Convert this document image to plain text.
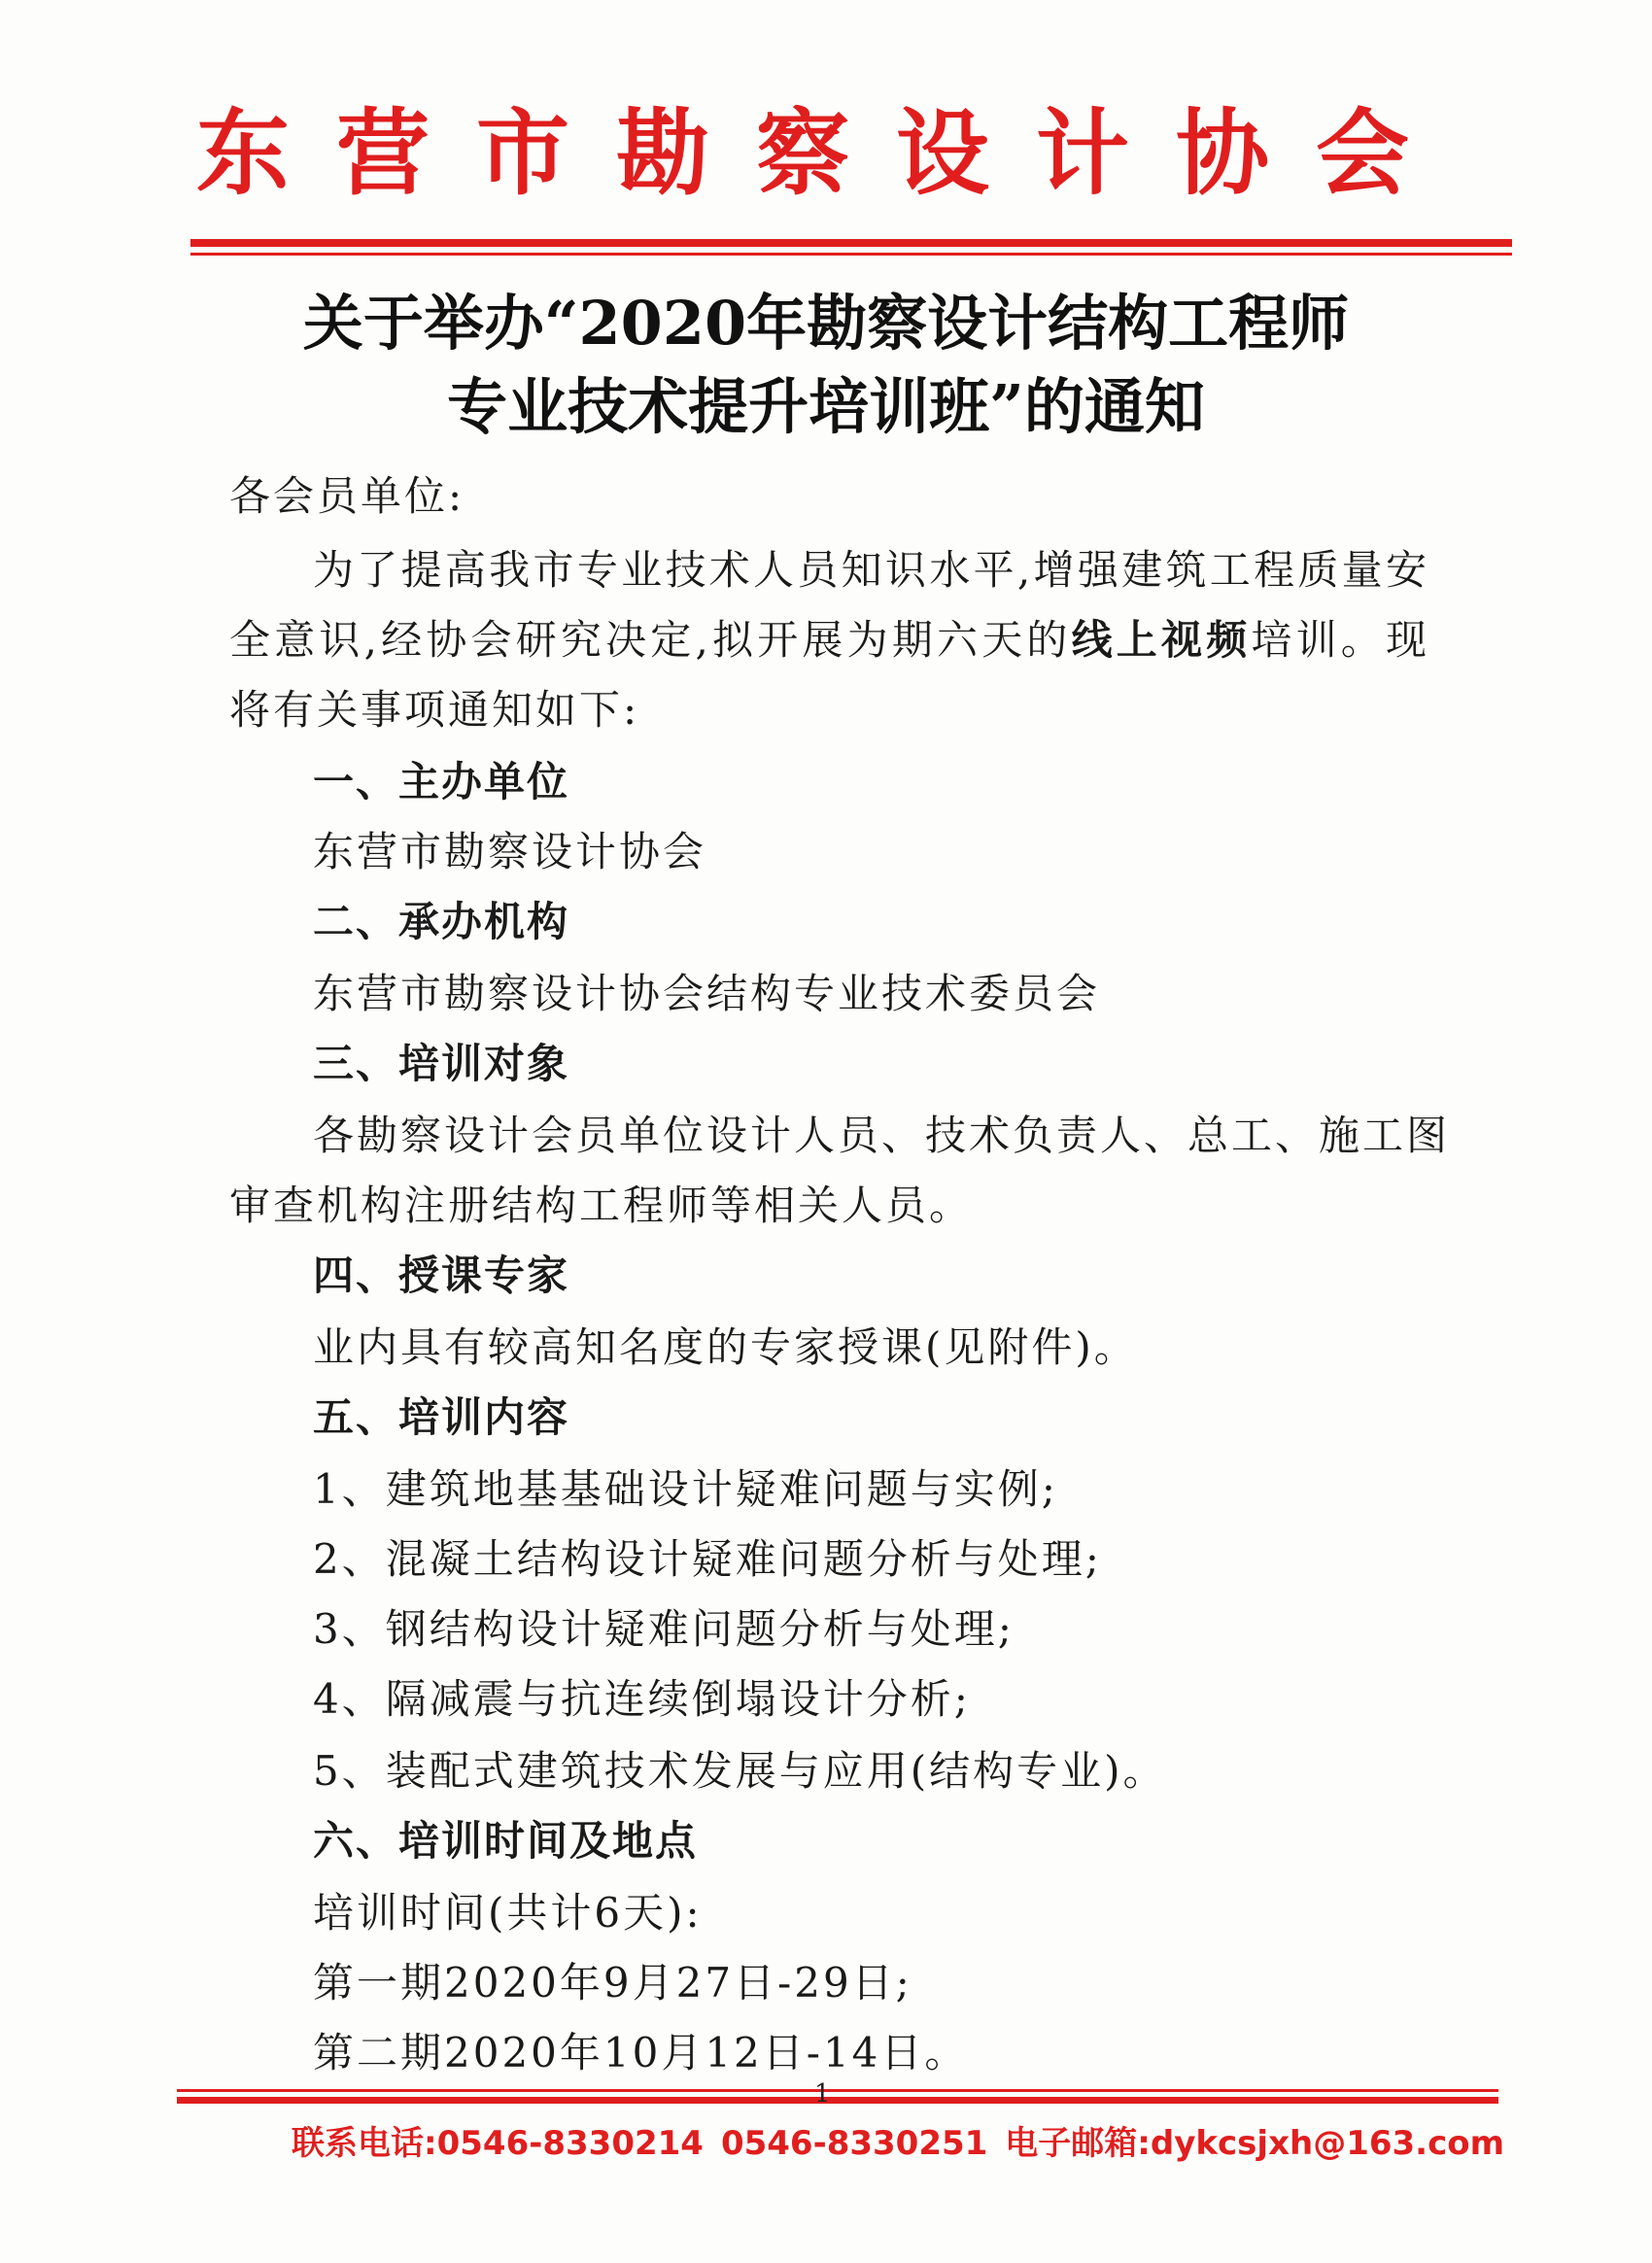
东营市勘察设计协会
关于举办“2020年勘察设计结构工程师
专业技术提升培训班”的通知
各会员单位:
为了提高我市专业技术人员知识水平,增强建筑工程质量安
全意识,经协会研究决定,拟开展为期六天的线上视频培训。现
将有关事项通知如下:
一、主办单位
东营市勘察设计协会
二、承办机构
东营市勘察设计协会结构专业技术委员会
三、培训对象
各勘察设计会员单位设计人员、技术负责人、总工、施工图
审查机构注册结构工程师等相关人员。
四、授课专家
业内具有较高知名度的专家授课(见附件)。
五、培训内容
1、建筑地基基础设计疑难问题与实例;
2、混凝土结构设计疑难问题分析与处理;
3、钢结构设计疑难问题分析与处理;
4、隔减震与抗连续倒塌设计分析;
5、装配式建筑技术发展与应用(结构专业)。
六、培训时间及地点
培训时间(共计6天):
第一期2020年9月27日-29日;
第二期2020年10月12日-14日。
1
联系电话:0546-8330214 0546-8330251 电子邮箱:dykcsjxh@163.com
